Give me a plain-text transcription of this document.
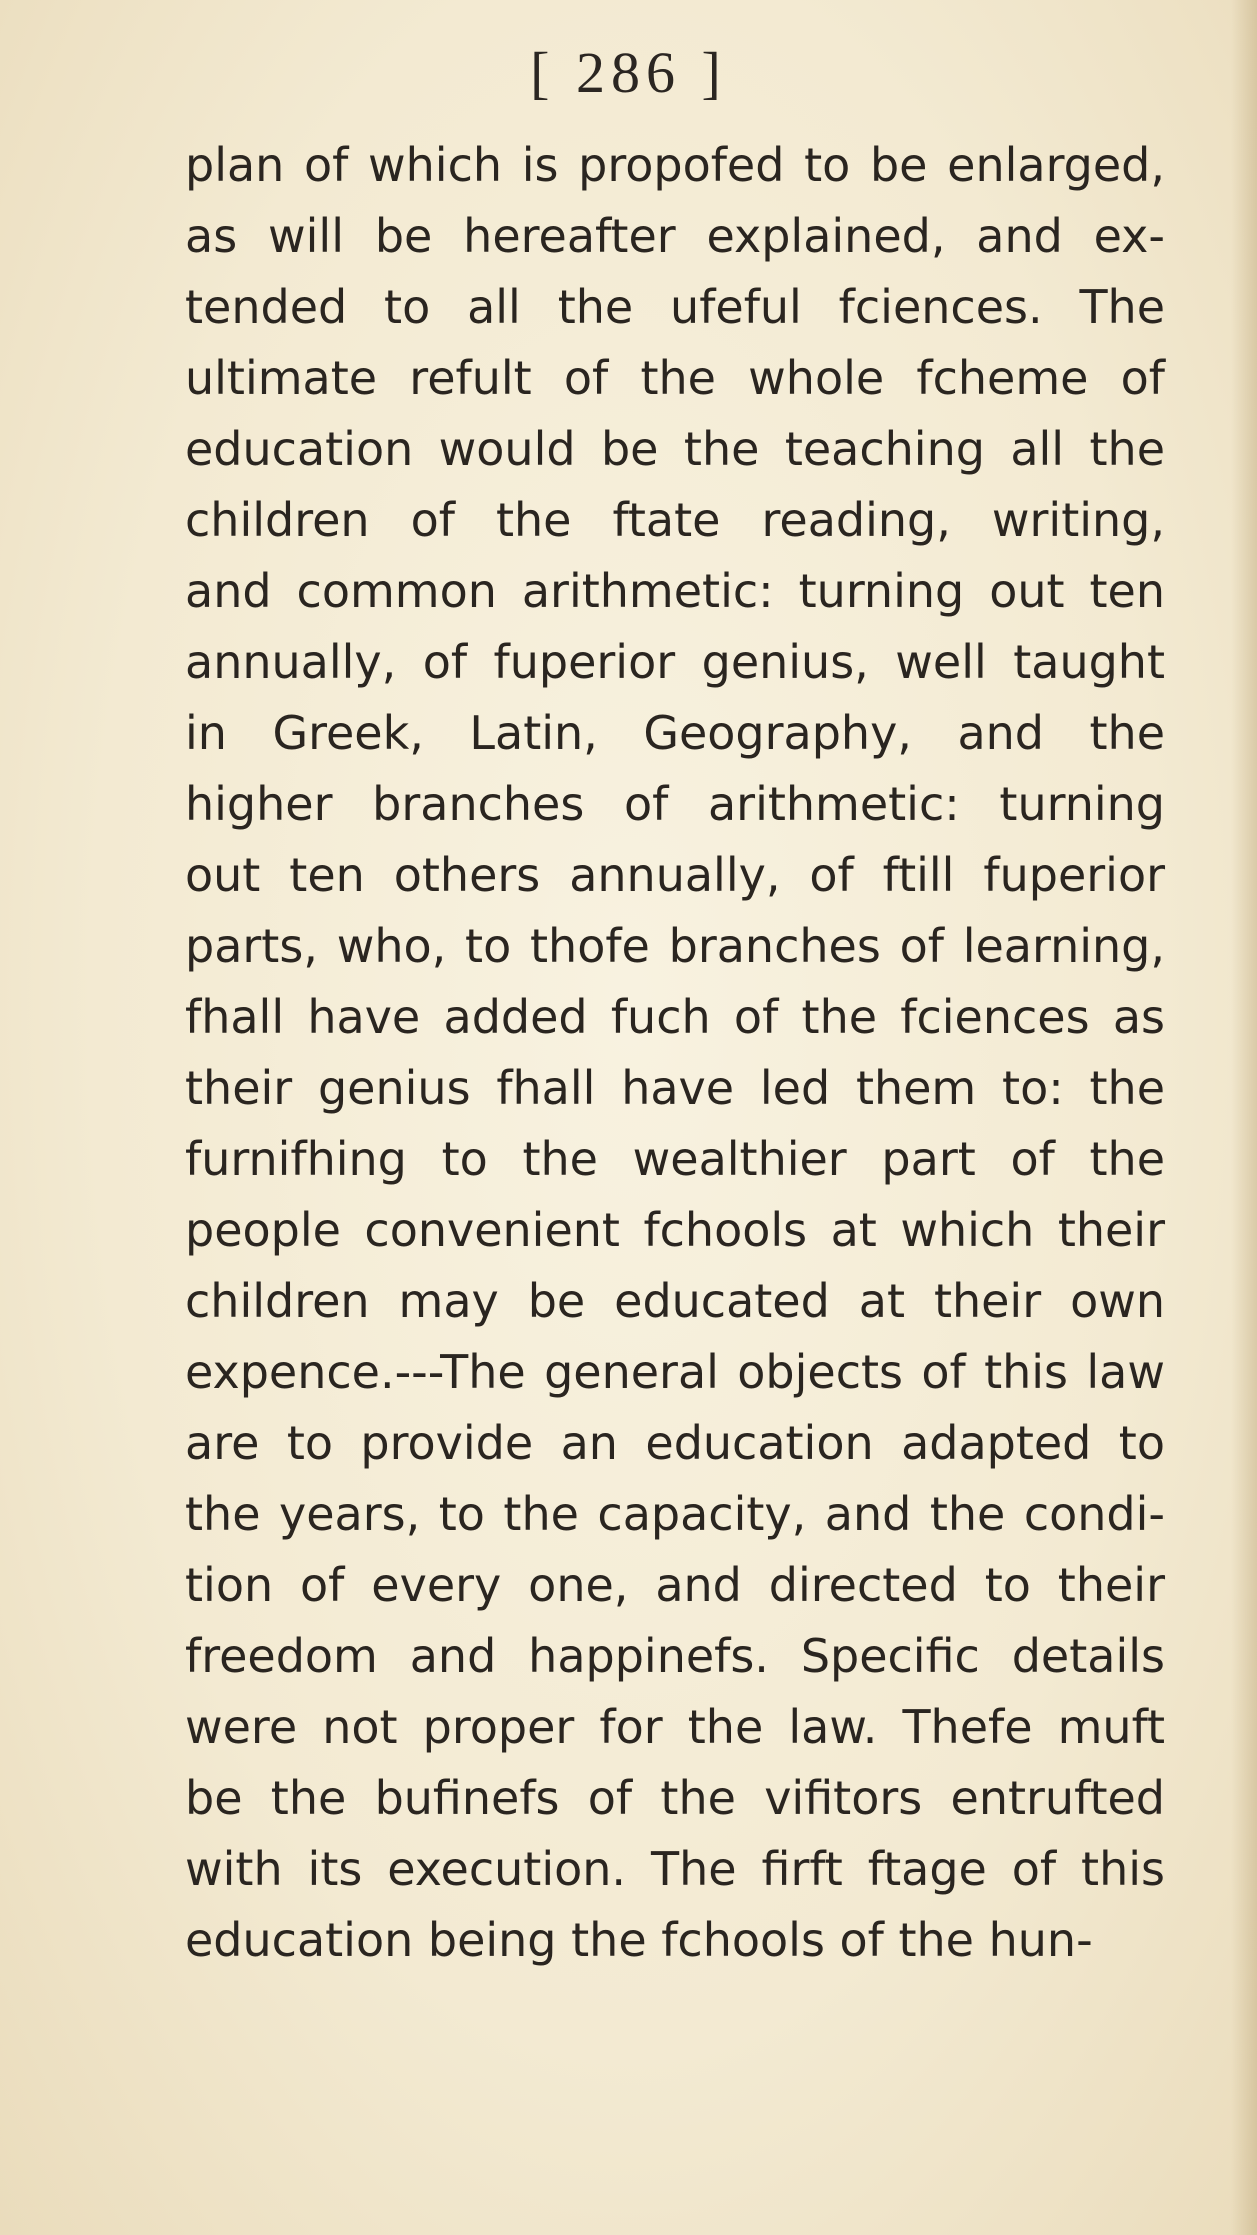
[ 286 ]
plan of which is propofed to be enlarged,
as will be hereafter explained, and ex-
tended to all the ufeful fciences. The
ultimate refult of the whole fcheme of
education would be the teaching all the
children of the ftate reading, writing,
and common arithmetic: turning out ten
annually, of fuperior genius, well taught
in Greek, Latin, Geography, and the
higher branches of arithmetic: turning
out ten others annually, of ftill fuperior
parts, who, to thofe branches of learning,
fhall have added fuch of the fciences as
their genius fhall have led them to: the
furnifhing to the wealthier part of the
people convenient fchools at which their
children may be educated at their own
expence.---The general objects of this law
are to provide an education adapted to
the years, to the capacity, and the condi-
tion of every one, and directed to their
freedom and happinefs. Specific details
were not proper for the law. Thefe muft
be the bufinefs of the vifitors entrufted
with its execution. The firft ftage of this
education being the fchools of the hun-
